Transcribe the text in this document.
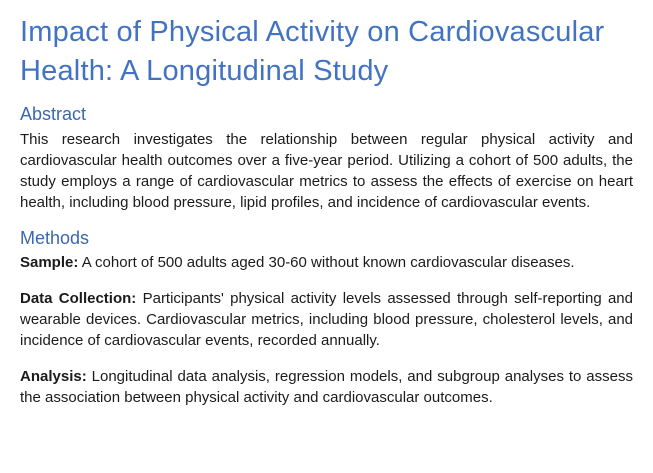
Impact of Physical Activity on Cardiovascular Health: A Longitudinal Study
Abstract

This research investigates the relationship between regular physical activity and cardiovascular health outcomes over a five-year period. Utilizing a cohort of 500 adults, the study employs a range of cardiovascular metrics to assess the effects of exercise on heart health, including blood pressure, lipid profiles, and incidence of cardiovascular events.

Methods

Sample: A cohort of 500 adults aged 30-60 without known cardiovascular diseases.

Data Collection: Participants' physical activity levels assessed through self-reporting and wearable devices. Cardiovascular metrics, including blood pressure, cholesterol levels, and incidence of cardiovascular events, recorded annually.

Analysis: Longitudinal data analysis, regression models, and subgroup analyses to assess the association between physical activity and cardiovascular outcomes.
